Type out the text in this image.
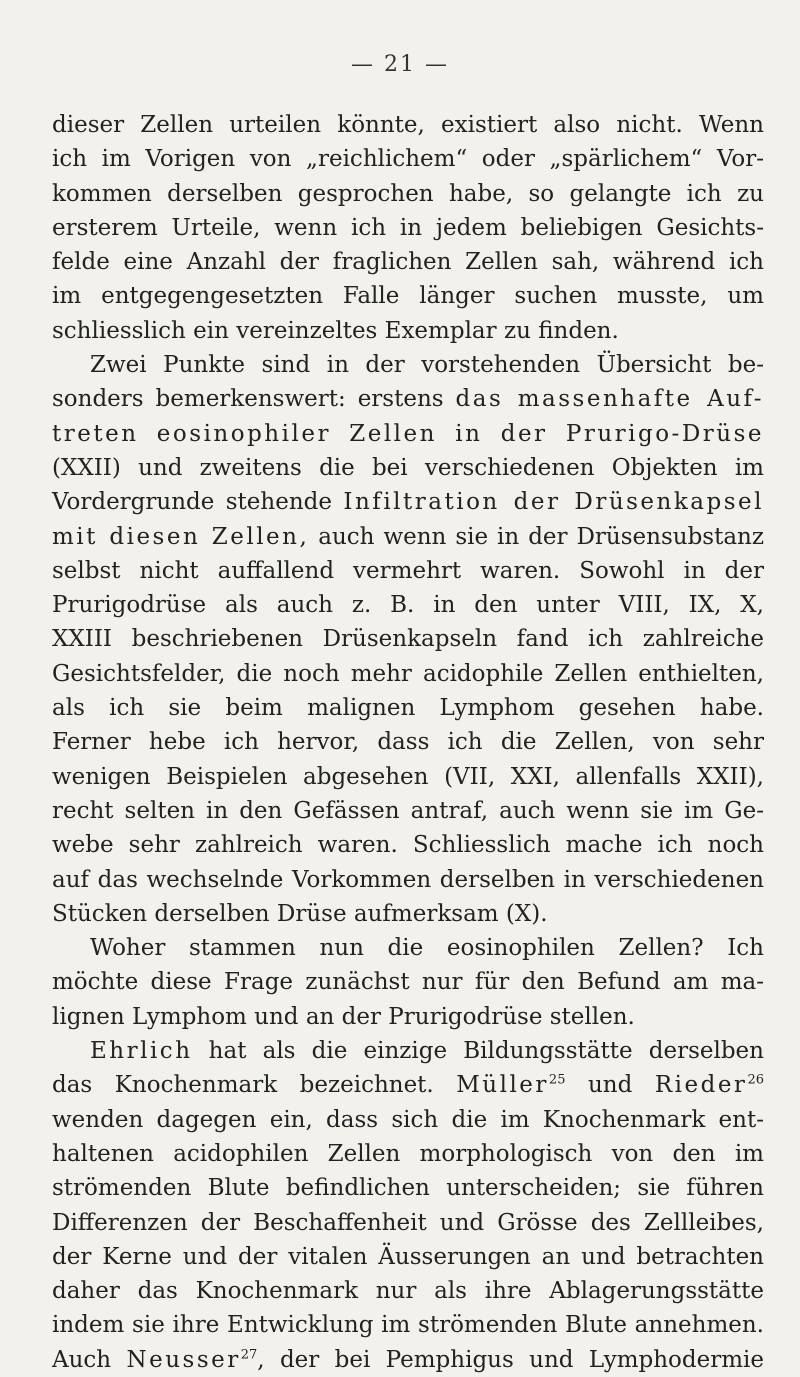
— 21 —
dieser Zellen urteilen könnte, existiert also nicht. Wenn
ich im Vorigen von „reichlichem“ oder „spärlichem“ Vor-
kommen derselben gesprochen habe, so gelangte ich zu
ersterem Urteile, wenn ich in jedem beliebigen Gesichts-
felde eine Anzahl der fraglichen Zellen sah, während ich
im entgegengesetzten Falle länger suchen musste, um
schliesslich ein vereinzeltes Exemplar zu finden.
Zwei Punkte sind in der vorstehenden Übersicht be-
sonders bemerkenswert: erstens das massenhafte Auf-
treten eosinophiler Zellen in der Prurigo-Drüse
(XXII) und zweitens die bei verschiedenen Objekten im
Vordergrunde stehende Infiltration der Drüsenkapsel
mit diesen Zellen, auch wenn sie in der Drüsensubstanz
selbst nicht auffallend vermehrt waren. Sowohl in der
Prurigodrüse als auch z. B. in den unter VIII, IX, X,
XXIII beschriebenen Drüsenkapseln fand ich zahlreiche
Gesichtsfelder, die noch mehr acidophile Zellen enthielten,
als ich sie beim malignen Lymphom gesehen habe.
Ferner hebe ich hervor, dass ich die Zellen, von sehr
wenigen Beispielen abgesehen (VII, XXI, allenfalls XXII),
recht selten in den Gefässen antraf, auch wenn sie im Ge-
webe sehr zahlreich waren. Schliesslich mache ich noch
auf das wechselnde Vorkommen derselben in verschiedenen
Stücken derselben Drüse aufmerksam (X).
Woher stammen nun die eosinophilen Zellen? Ich
möchte diese Frage zunächst nur für den Befund am ma-
lignen Lymphom und an der Prurigodrüse stellen.
Ehrlich hat als die einzige Bildungsstätte derselben
das Knochenmark bezeichnet. Müller$^{25}$ und Rieder$^{26}$
wenden dagegen ein, dass sich die im Knochenmark ent-
haltenen acidophilen Zellen morphologisch von den im
strömenden Blute befindlichen unterscheiden; sie führen
Differenzen der Beschaffenheit und Grösse des Zellleibes,
der Kerne und der vitalen Äusserungen an und betrachten
daher das Knochenmark nur als ihre Ablagerungsstätte
indem sie ihre Entwicklung im strömenden Blute annehmen.
Auch Neusser$^{27}$, der bei Pemphigus und Lymphodermie
